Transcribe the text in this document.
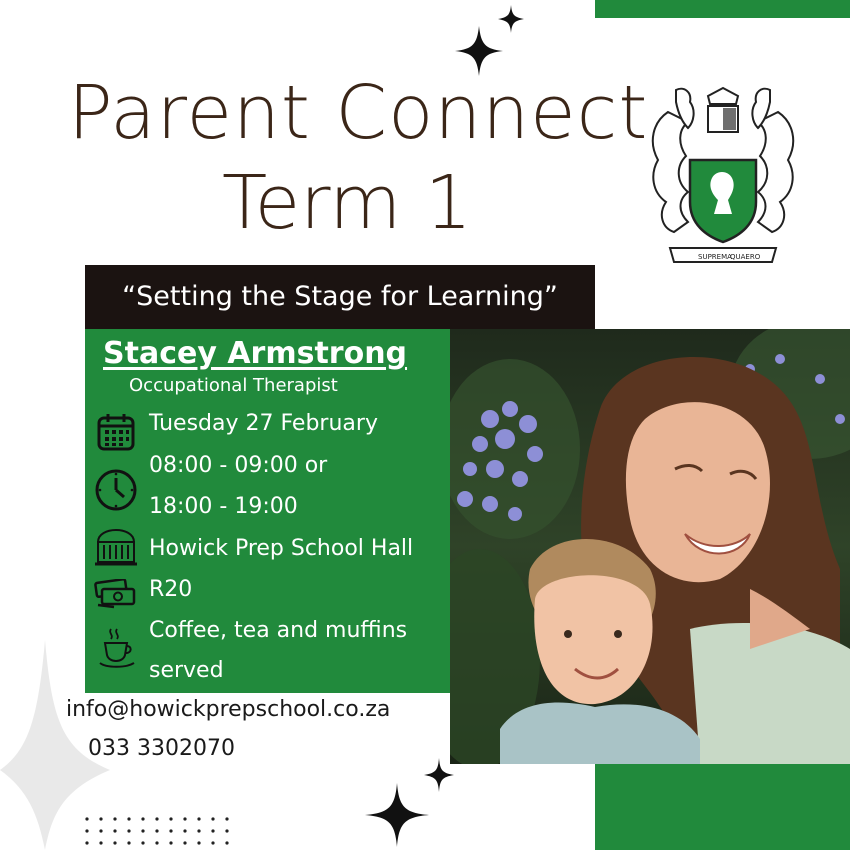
Parent Connect
Term 1
SUPREMA
QUAERO
“Setting the Stage for Learning”
Stacey Armstrong
Occupational Therapist
Tuesday 27 February
08:00 - 09:00 or
18:00 - 19:00
Howick Prep School Hall
R20
Coffee, tea and muffins
served
info@howickprepschool.co.za
033 3302070
